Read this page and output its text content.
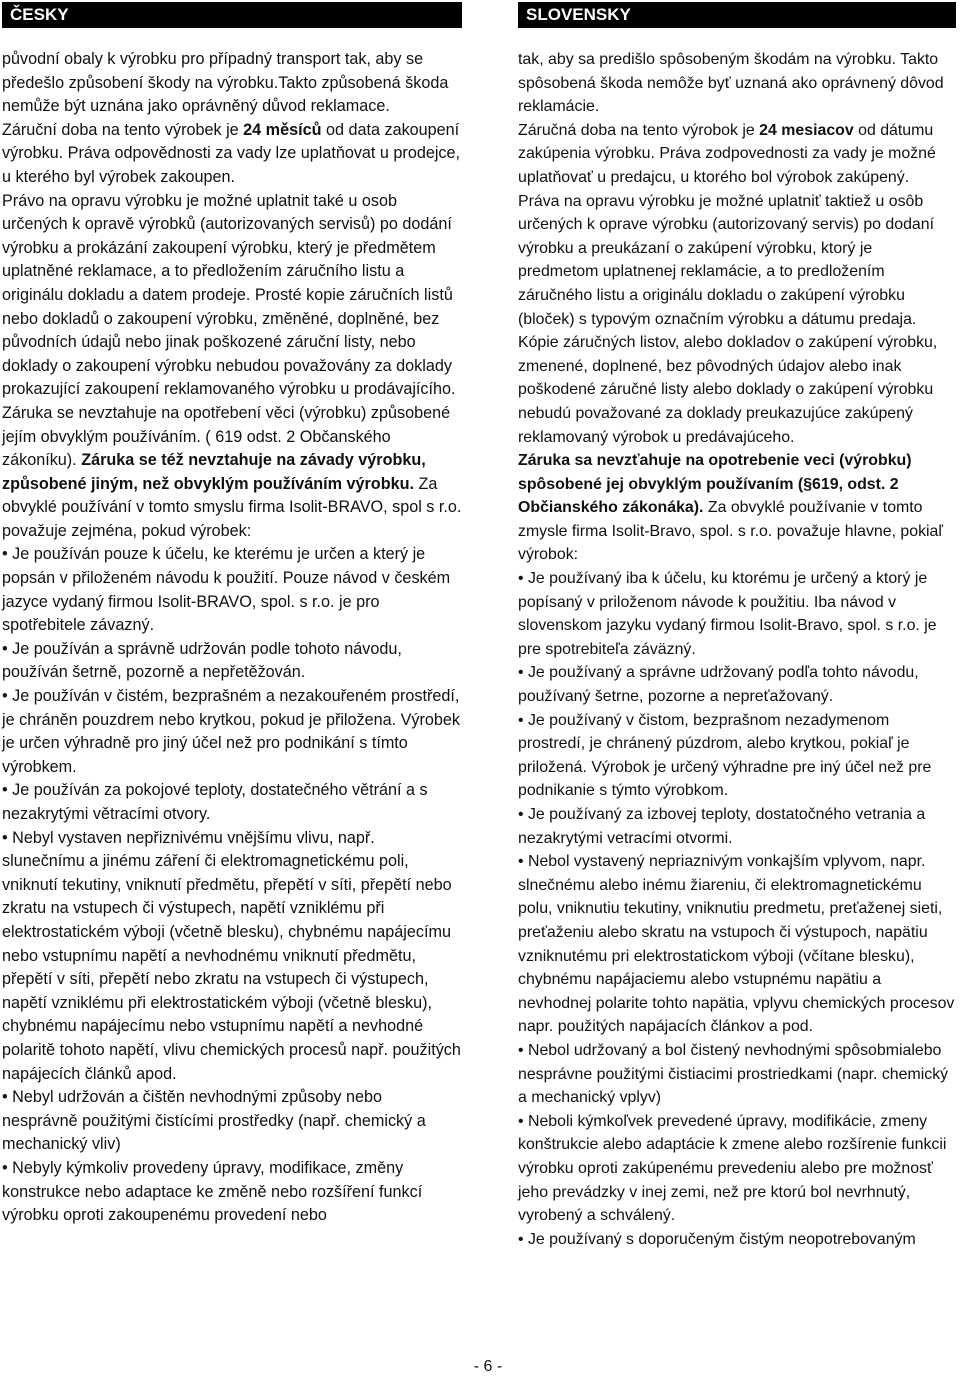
ČESKY

původní obaly k výrobku pro případný transport tak, aby se předešlo způsobení škody na výrobku.Takto způsobená škoda nemůže být uznána jako oprávněný důvod reklamace.

Záruční doba na tento výrobek je 24 měsíců od data zakoupení výrobku. Práva odpovědnosti za vady lze uplatňovat u prodejce, u kterého byl výrobek zakoupen.

Právo na opravu výrobku je možné uplatnit také u osob určených k opravě výrobků (autorizovaných servisů) po dodání výrobku a prokázání zakoupení výrobku, který je předmětem uplatněné reklamace, a to předložením záručního listu a originálu dokladu a datem prodeje. Prosté kopie záručních listů nebo dokladů o zakoupení výrobku, změněné, doplněné, bez původních údajů nebo jinak poškozené záruční listy, nebo doklady o zakoupení výrobku nebudou považovány za doklady prokazující zakoupení reklamovaného výrobku u prodávajícího. Záruka se nevztahuje na opotřebení věci (výrobku) způsobené jejím obvyklým používáním. ( 619 odst. 2 Občanského zákoníku). Záruka se též nevztahuje na závady výrobku, způsobené jiným, než obvyklým používáním výrobku. Za obvyklé používání v tomto smyslu firma Isolit-BRAVO, spol s r.o. považuje zejména, pokud výrobek:

• Je používán pouze k účelu, ke kterému je určen a který je popsán v přiloženém návodu k použití. Pouze návod v českém jazyce vydaný firmou Isolit-BRAVO, spol. s r.o. je pro spotřebitele závazný.

• Je používán a správně udržován podle tohoto návodu, používán šetrně, pozorně a nepřetěžován.

• Je používán v čistém, bezprašném a nezakouřeném prostředí, je chráněn pouzdrem nebo krytkou, pokud je přiložena. Výrobek je určen výhradně pro jiný účel než pro podnikání s tímto výrobkem.

• Je používán za pokojové teploty, dostatečného větrání a s nezakrytými větracími otvory.

• Nebyl vystaven nepřiznivému vnějšímu vlivu, např. slunečnímu a jinému záření či elektromagnetickému poli, vniknutí tekutiny, vniknutí předmětu, přepětí v síti, přepětí nebo zkratu na vstupech či výstupech, napětí vzniklému při elektrostatickém výboji (včetně blesku), chybnému napájecímu nebo vstupnímu napětí a nevhodnému vniknutí předmětu, přepětí v síti, přepětí nebo zkratu na vstupech či výstupech, napětí vzniklému při elektrostatickém výboji (včetně blesku), chybnému napájecímu nebo vstupnímu napětí a nevhodné polaritě tohoto napětí, vlivu chemických procesů např. použitých napájecích článků apod.

• Nebyl udržován a čištěn nevhodnými způsoby nebo nesprávně použitými čistícími prostředky (např. chemický a mechanický vliv)

• Nebyly kýmkoliv provedeny úpravy, modifikace, změny konstrukce nebo adaptace ke změně nebo rozšíření funkcí výrobku oproti zakoupenému provedení nebo

SLOVENSKY

tak, aby sa predišlo spôsobeným škodám na výrobku. Takto spôsobená škoda nemôže byť uznaná ako oprávnený dôvod reklamácie.

Záručná doba na tento výrobok je 24 mesiacov od dátumu zakúpenia výrobku. Práva zodpovednosti za vady je možné uplatňovať u predajcu, u ktorého bol výrobok zakúpený.

Práva na opravu výrobku je možné uplatniť taktiež u osôb určených k oprave výrobku (autorizovaný servis) po dodaní výrobku a preukázaní o zakúpení výrobku, ktorý je predmetom uplatnenej reklamácie, a to predložením záručného listu a originálu dokladu o zakúpení výrobku (bloček) s typovým označním výrobku a dátumu predaja. Kópie záručných listov, alebo dokladov o zakúpení výrobku, zmenené, doplnené, bez pôvodných údajov alebo inak poškodené záručné listy alebo doklady o zakúpení výrobku nebudú považované za doklady preukazujúce zakúpený reklamovaný výrobok u predávajúceho.

Záruka sa nevzťahuje na opotrebenie veci (výrobku) spôsobené jej obvyklým používaním (§619, odst. 2 Občianského zákonáka). Za obvyklé používanie v tomto zmysle firma Isolit-Bravo, spol. s r.o. považuje hlavne, pokiaľ výrobok:

• Je používaný iba k účelu, ku ktorému je určený a ktorý je popísaný v priloženom návode k použitiu. Iba návod v slovenskom jazyku vydaný firmou Isolit-Bravo, spol. s r.o. je pre spotrebiteľa záväzný.

• Je používaný a správne udržovaný podľa tohto návodu, používaný šetrne, pozorne a nepreťažovaný.

• Je používaný v čistom, bezprašnom nezadymenom prostredí, je chránený púzdrom, alebo krytkou, pokiaľ je priložená. Výrobok je určený výhradne pre iný účel než pre podnikanie s týmto výrobkom.

• Je používaný za izbovej teploty, dostatočného vetrania a nezakrytými vetracími otvormi.

• Nebol vystavený nepriaznivým vonkajším vplyvom, napr. slnečnému alebo inému žiareniu, či elektromagnetickému polu, vniknutiu tekutiny, vniknutiu predmetu, preťaženej sieti, preťaženiu alebo skratu na vstupoch či výstupoch, napätiu vzniknutému pri elektrostatickom výboji (včítane blesku), chybnému napájaciemu alebo vstupnému napätiu a nevhodnej polarite tohto napätia, vplyvu chemických procesov napr. použitých napájacích článkov a pod.

• Nebol udržovaný a bol čistený nevhodnými spôsobmialebo nesprávne použitými čistiacimi prostriedkami (napr. chemický a mechanický vplyv)

• Neboli kýmkoľvek prevedené úpravy, modifikácie, zmeny konštrukcie alebo adaptácie k zmene alebo rozšírenie funkcii výrobku oproti zakúpenému prevedeniu alebo pre možnosť jeho prevádzky v inej zemi, než pre ktorú bol nevrhnutý, vyrobený a schválený.

• Je používaný s doporučeným čistým neopotrebovaným

- 6 -
